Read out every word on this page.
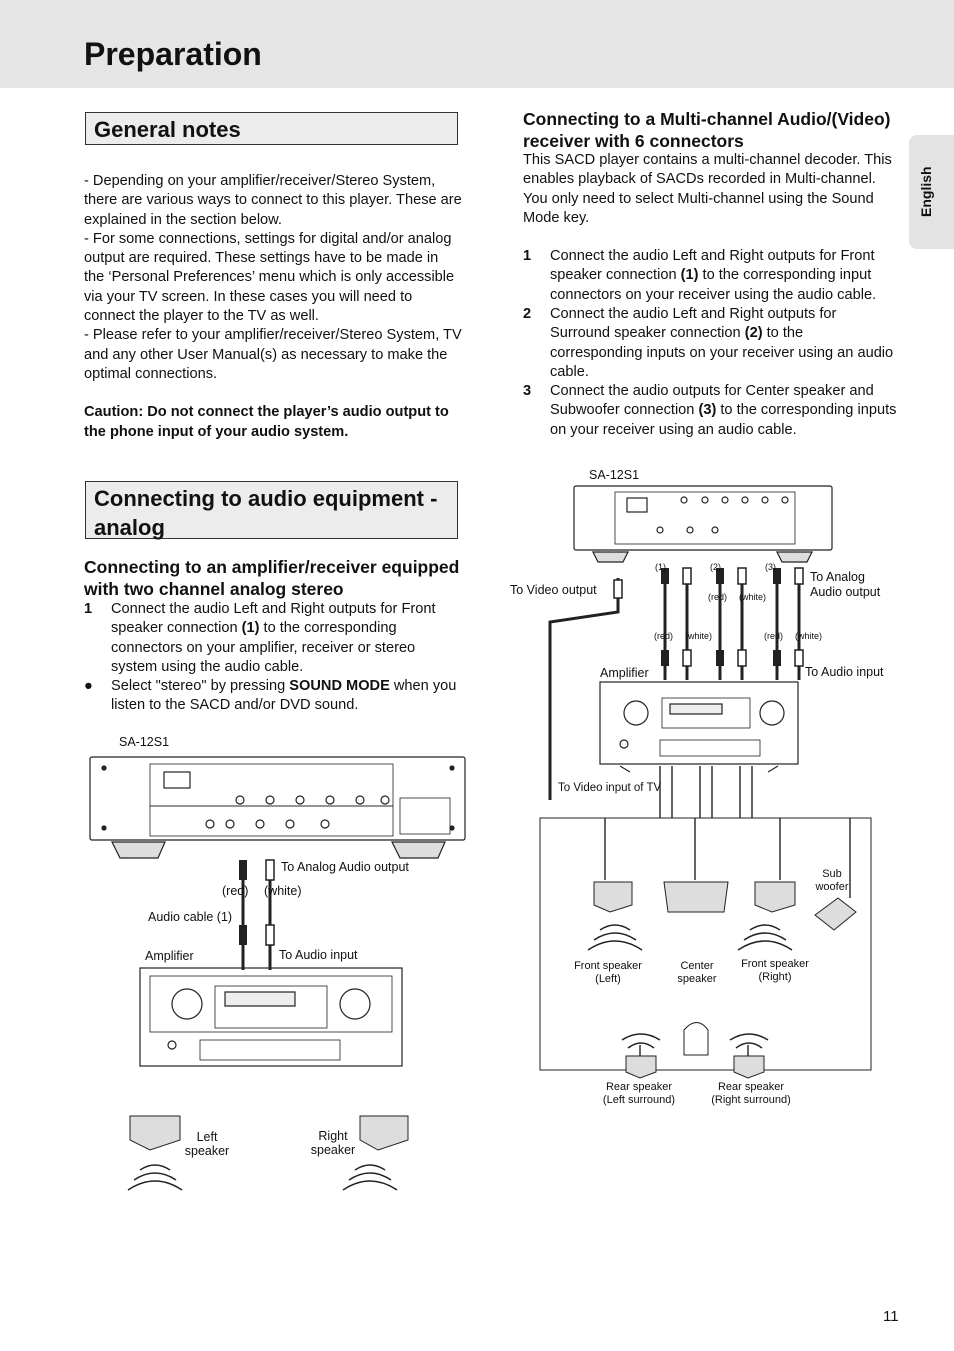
Preparation
English
General notes

- Depending on your amplifier/receiver/Stereo System, there are various ways to connect to this player. These are explained in the section below.

- For some connections, settings for digital and/or analog output are required. These settings have to be made in the ‘Personal Preferences’ menu which is only accessible via your TV screen. In these cases you will need to connect the player to the TV as well.

- Please refer to your amplifier/receiver/Stereo System, TV and any other User Manual(s) as necessary to make the optimal connections.

Caution: Do not connect the player’s audio output to the phone input of your audio system.

Connecting to audio equipment - analog
Connecting to an amplifier/receiver equipped with two channel analog stereo
1 Connect the audio Left and Right outputs for Front speaker connection (1) to the corresponding connectors on your amplifier, receiver or stereo system using the audio cable.
● Select "stereo" by pressing SOUND MODE when you listen to the SACD and/or DVD sound.
Connecting to a Multi-channel Audio/(Video) receiver with 6 connectors
This SACD player contains a multi-channel decoder. This enables playback of SACDs recorded in Multi-channel. You only need to select Multi-channel using the Sound Mode key.
1 Connect the audio Left and Right outputs for Front speaker connection (1) to the corresponding input connectors on your receiver using the audio cable.
2 Connect the audio Left and Right outputs for Surround speaker connection (2) to the corresponding inputs on your receiver using an audio cable.
3 Connect the audio outputs for Center speaker and Subwoofer connection (3) to the corresponding inputs on your receiver using an audio cable.
SA-12S1
To Analog Audio output
(red) (white)
Audio cable (1)
Amplifier	To Audio input
Left speaker
Right speaker
SA-12S1
To Video output
To Analog
Audio output
(1)	(2)	(3)
(red) (white)
(red) (white)	(red) (white)
Amplifier	To Audio input
To Video input of TV
Front speaker
(Left)
Center
speaker
Front speaker
(Right)
Sub
woofer
Rear speaker
(Left surround)
Rear speaker
(Right surround)
11
